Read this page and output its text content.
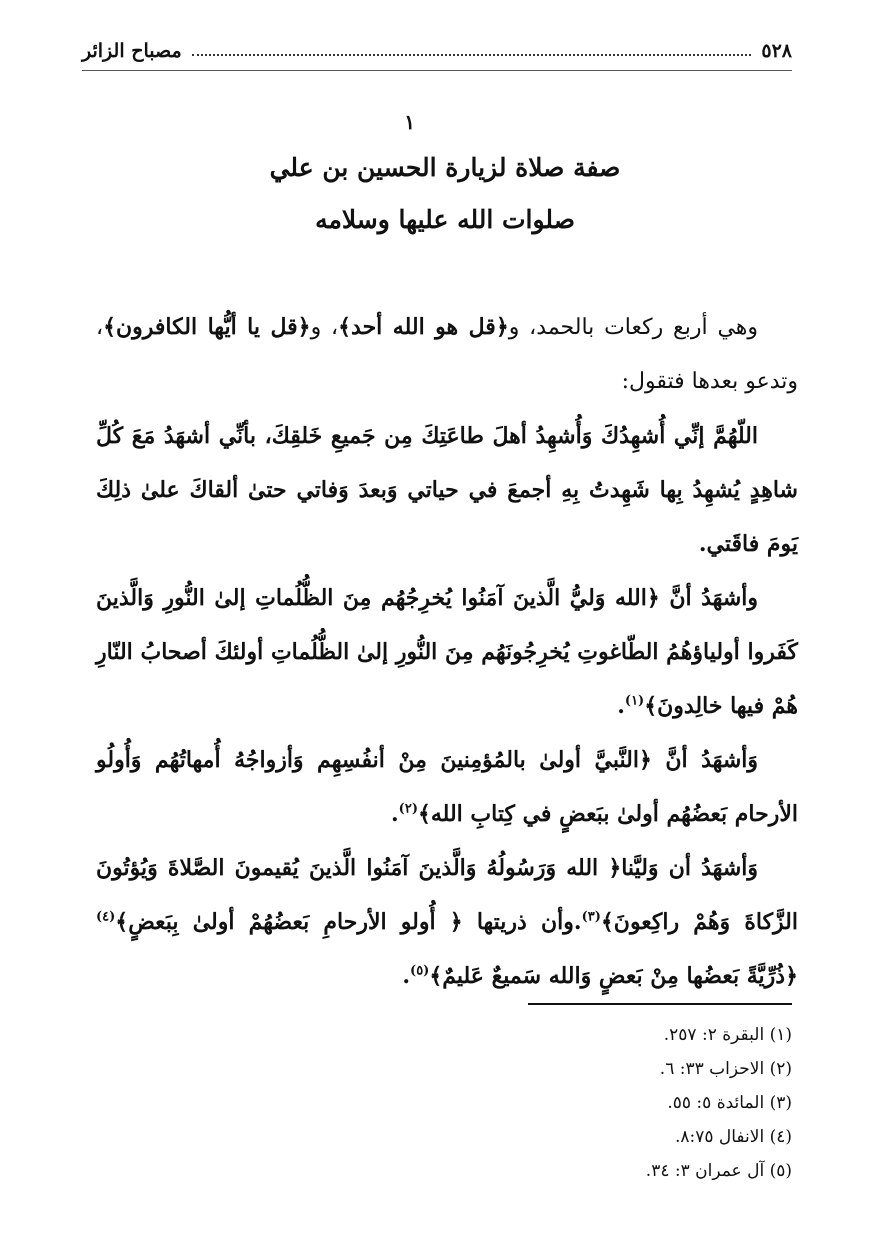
٥٢٨
مصباح الزائر
١
صفة صلاة لزيارة الحسين بن علي
صلوات الله عليها وسلامه

وهي أربع ركعات بالحمد، و﴿قل هو الله أحد﴾، و﴿قل يا أيُّها الكافرون﴾، وتدعو بعدها فتقول:

اللّهُمَّ إنِّي أُشهِدُكَ وَأُشهِدُ أهلَ طاعَتِكَ مِن جَميعِ خَلقِكَ، بأنِّي أشهَدُ مَعَ كُلِّ شاهِدٍ يُشهِدُ بِها شَهِدتُ بِهِ أجمعَ في حياتي وَبعدَ وَفاتي حتىٰ ألقاكَ علىٰ ذلِكَ يَومَ فاقَتي.

وأشهَدُ أنَّ ﴿الله وَليُّ الَّذينَ آمَنُوا يُخرِجُهُم مِنَ الظُّلُماتِ إلىٰ النُّورِ وَالَّذينَ كَفَروا أولياؤهُمُ الطّاغوتِ يُخرِجُونَهُم مِنَ النُّورِ إلىٰ الظُّلُماتِ أولئكَ أصحابُ النّارِ هُمْ فيها خالِدونَ﴾$^{(١)}$.

وَأشهَدُ أنَّ ﴿النَّبيَّ أولىٰ بالمُؤمِنينَ مِنْ أنفُسِهِم وَأزواجُهُ أُمهاتُهُم وَأُولُو الأرحام بَعضُهُم أولىٰ ببَعضٍ في كِتابِ الله﴾$^{(٢)}$.

وَأشهَدُ أن وَليَّنا﴿ الله وَرَسُولُهُ وَالَّذينَ آمَنُوا الَّذينَ يُقيمونَ الصَّلاةَ وَيُؤتُونَ الزَّكاةَ وَهُمْ راكِعونَ﴾$^{(٣)}$.وأن ذريتها ﴿ أُولو الأرحامِ بَعضُهُمْ أولىٰ بِبَعضٍ﴾$^{(٤)}$ ﴿ذُرِّيَّةً بَعضُها مِنْ بَعضٍ وَالله سَميعٌ عَليمٌ﴾$^{(٥)}$.

(١) البقرة ٢: ٢٥٧.
(٢) الاحزاب ٣٣: ٦.
(٣) المائدة ٥: ٥٥.
(٤) الانفال ٨:٧٥.
(٥) آل عمران ٣: ٣٤.
